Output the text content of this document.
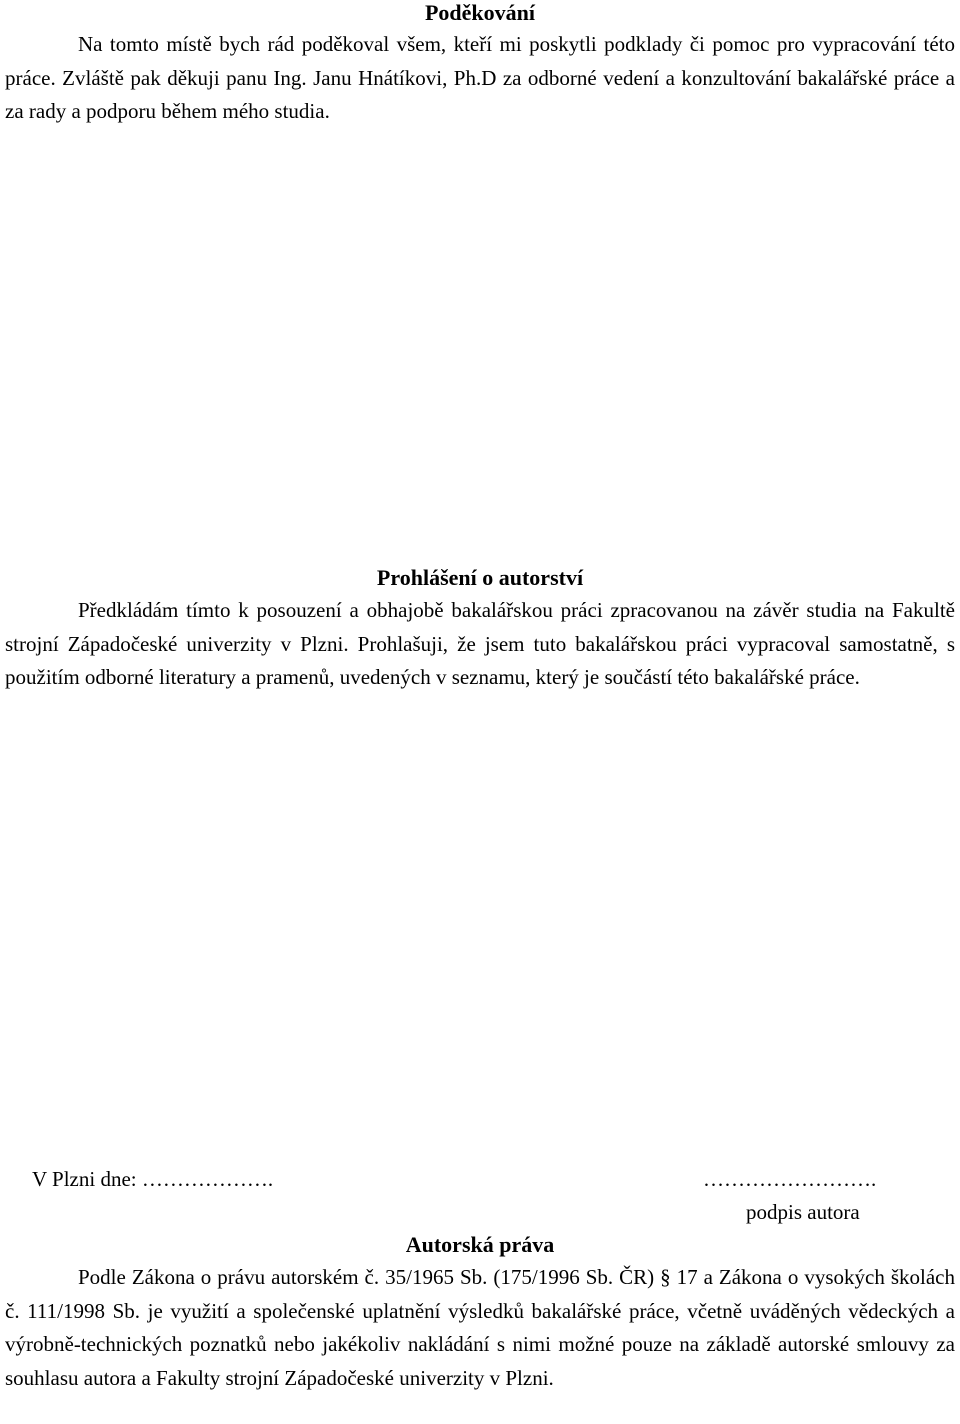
Poděkování

Na tomto místě bych rád poděkoval všem, kteří mi poskytli podklady či pomoc pro vypracování této práce. Zvláště pak děkuji panu Ing. Janu Hnátíkovi, Ph.D za odborné vedení a konzultování bakalářské práce a za rady a podporu během mého studia.

Prohlášení o autorství

Předkládám tímto k posouzení a obhajobě bakalářskou práci zpracovanou na závěr studia na Fakultě strojní Západočeské univerzity v Plzni. Prohlašuji, že jsem tuto bakalářskou práci vypracoval samostatně, s použitím odborné literatury a pramenů, uvedených v seznamu, který je součástí této bakalářské práce.

V Plzni dne: ……………….	…………………….

podpis autora

Autorská práva

Podle Zákona o právu autorském č. 35/1965 Sb. (175/1996 Sb. ČR) § 17 a Zákona o vysokých školách č. 111/1998 Sb. je využití a společenské uplatnění výsledků bakalářské práce, včetně uváděných vědeckých a výrobně-technických poznatků nebo jakékoliv nakládání s nimi možné pouze na základě autorské smlouvy za souhlasu autora a Fakulty strojní Západočeské univerzity v Plzni.
